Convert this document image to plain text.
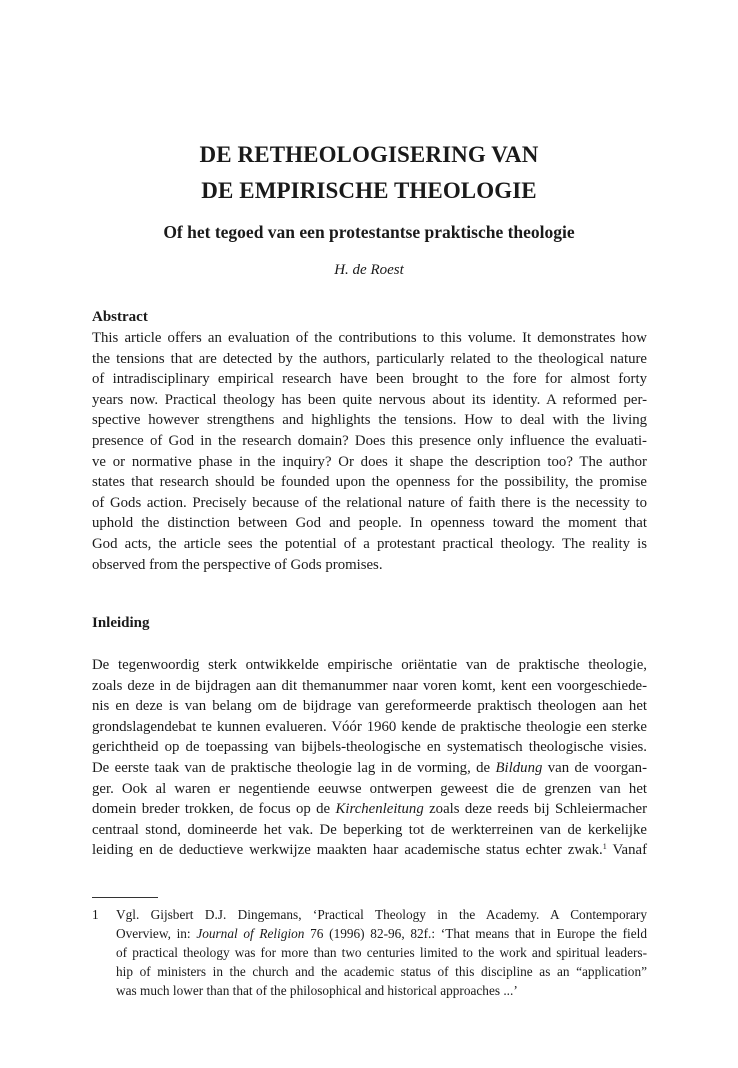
DE RETHEOLOGISERING VAN
DE EMPIRISCHE THEOLOGIE
Of het tegoed van een protestantse praktische theologie
H. de Roest
Abstract
This article offers an evaluation of the contributions to this volume. It demonstrates how
the tensions that are detected by the authors, particularly related to the theological nature
of intradisciplinary empirical research have been brought to the fore for almost forty
years now. Practical theology has been quite nervous about its identity. A reformed per-
spective however strengthens and highlights the tensions. How to deal with the living
presence of God in the research domain? Does this presence only influence the evaluati-
ve or normative phase in the inquiry? Or does it shape the description too? The author
states that research should be founded upon the openness for the possibility, the promise
of Gods action. Precisely because of the relational nature of faith there is the necessity to
uphold the distinction between God and people. In openness toward the moment that
God acts, the article sees the potential of a protestant practical theology. The reality is
observed from the perspective of Gods promises.
Inleiding
De tegenwoordig sterk ontwikkelde empirische oriëntatie van de praktische theologie,
zoals deze in de bijdragen aan dit themanummer naar voren komt, kent een voorgeschiede-
nis en deze is van belang om de bijdrage van gereformeerde praktisch theologen aan het
grondslagendebat te kunnen evalueren. Vóór 1960 kende de praktische theologie een sterke
gerichtheid op de toepassing van bijbels-theologische en systematisch theologische visies.
De eerste taak van de praktische theologie lag in de vorming, de Bildung van de voorgan-
ger. Ook al waren er negentiende eeuwse ontwerpen geweest die de grenzen van het
domein breder trokken, de focus op de Kirchenleitung zoals deze reeds bij Schleiermacher
centraal stond, domineerde het vak. De beperking tot de werkterreinen van de kerkelijke
leiding en de deductieve werkwijze maakten haar academische status echter zwak.$^1$ Vanaf
1 Vgl. Gijsbert D.J. Dingemans, ‘Practical Theology in the Academy. A Contemporary
Overview, in: Journal of Religion 76 (1996) 82-96, 82f.: ‘That means that in Europe the field
of practical theology was for more than two centuries limited to the work and spiritual leaders-
hip of ministers in the church and the academic status of this discipline as an “application”
was much lower than that of the philosophical and historical approaches ...’
